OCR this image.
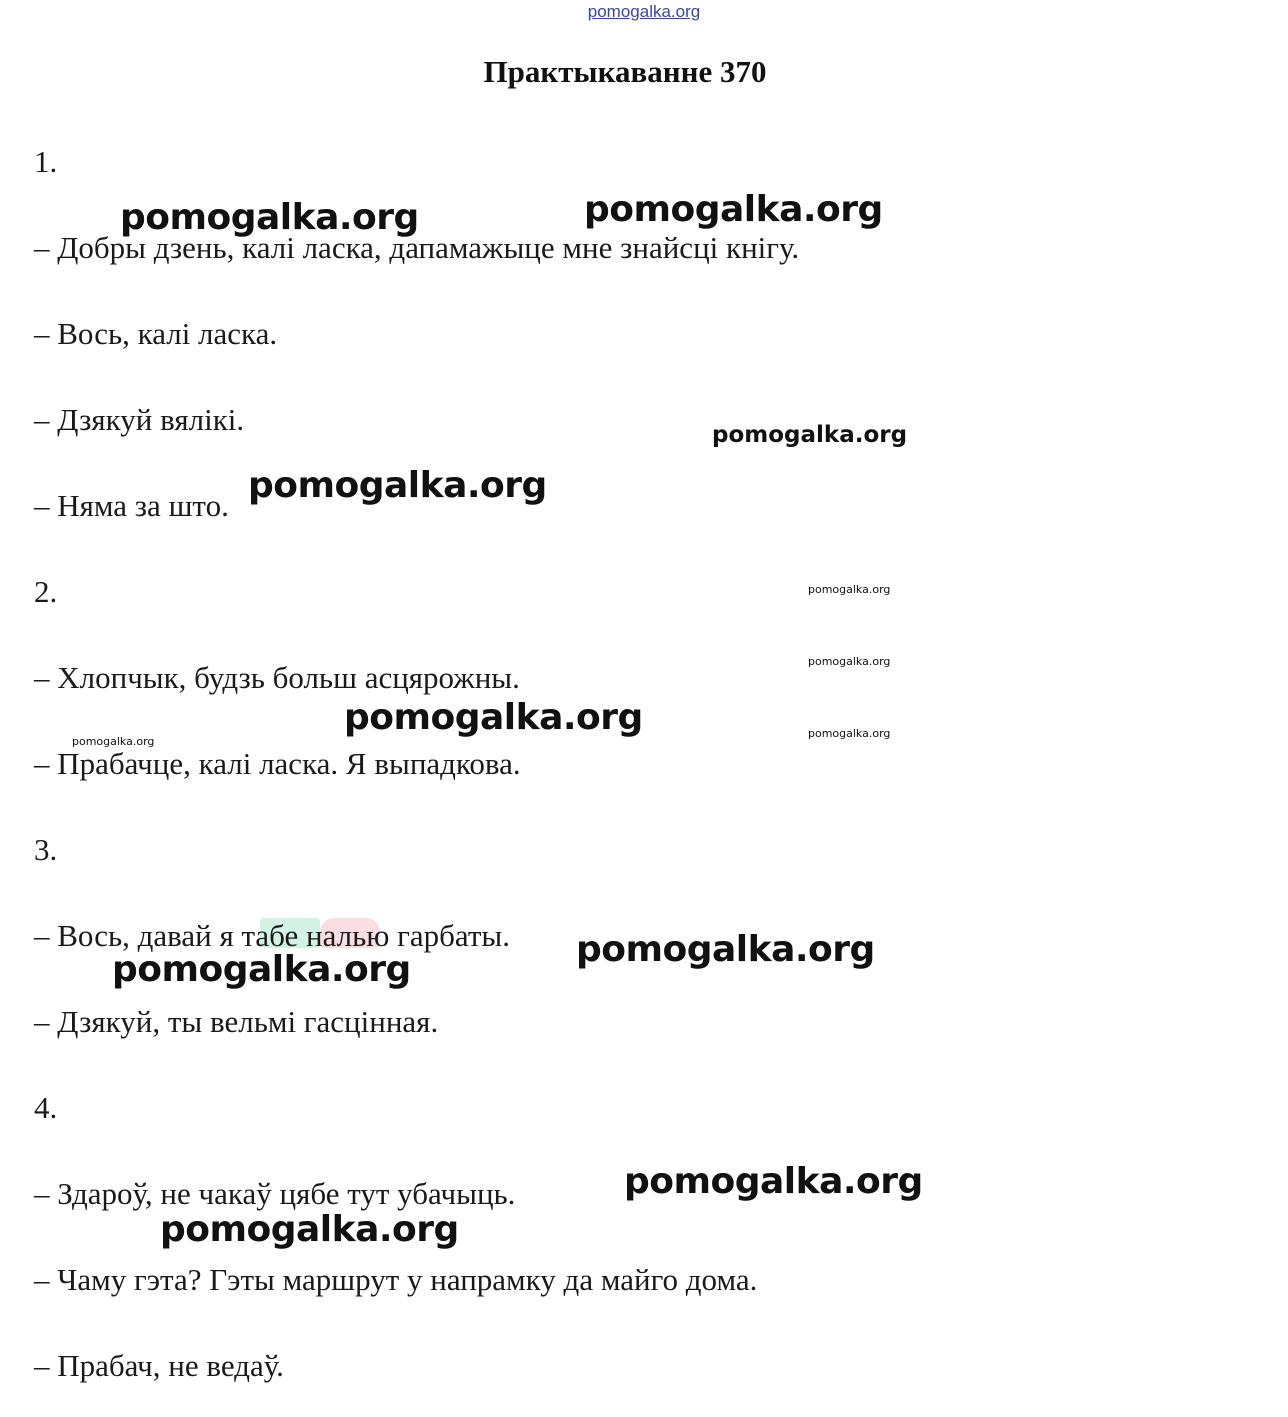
pomogalka.org
Практыкаванне 370
1.
– Добры дзень, калі ласка, дапамажыце мне знайсці кнігу.
– Вось, калі ласка.
– Дзякуй вялікі.
– Няма за што.
2.
– Хлопчык, будзь больш асцярожны.
– Прабачце, калі ласка. Я выпадкова.
3.
– Вось, давай я табе налью гарбаты.
– Дзякуй, ты вельмі гасцінная.
4.
– Здароў, не чакаў цябе тут убачыць.
– Чаму гэта? Гэты маршрут у напрамку да майго дома.
– Прабач, не ведаў.
pomogalka.org	pomogalka.org
pomogalka.org
pomogalka.org
pomogalka.org
pomogalka.org
pomogalka.org	pomogalka.org
pomogalka.org
pomogalka.org
pomogalka.org
pomogalka.org
pomogalka.org
